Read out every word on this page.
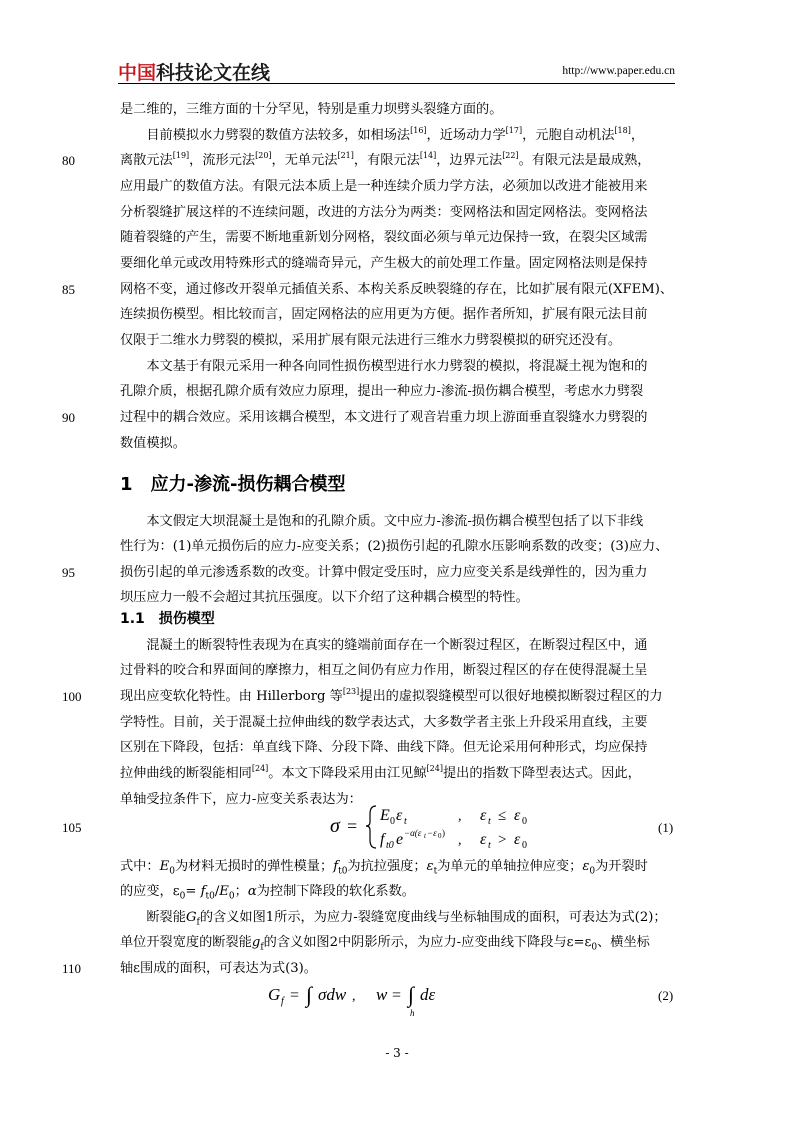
中国科技论文在线	http://www.paper.edu.cn
是二维的，三维方面的十分罕见，特别是重力坝劈头裂缝方面的。
　　目前模拟水力劈裂的数值方法较多，如相场法[16]，近场动力学[17]，元胞自动机法[18]，
离散元法[19]，流形元法[20]，无单元法[21]，有限元法[14]，边界元法[22]。有限元法是最成熟，
应用最广的数值方法。有限元法本质上是一种连续介质力学方法，必须加以改进才能被用来
分析裂缝扩展这样的不连续问题，改进的方法分为两类：变网格法和固定网格法。变网格法
随着裂缝的产生，需要不断地重新划分网格，裂纹面必须与单元边保持一致，在裂尖区域需
要细化单元或改用特殊形式的缝端奇异元，产生极大的前处理工作量。固定网格法则是保持
网格不变，通过修改开裂单元插值关系、本构关系反映裂缝的存在，比如扩展有限元(XFEM)、
连续损伤模型。相比较而言，固定网格法的应用更为方便。据作者所知，扩展有限元法目前
仅限于二维水力劈裂的模拟，采用扩展有限元法进行三维水力劈裂模拟的研究还没有。
　　本文基于有限元采用一种各向同性损伤模型进行水力劈裂的模拟，将混凝土视为饱和的
孔隙介质，根据孔隙介质有效应力原理，提出一种应力-渗流-损伤耦合模型，考虑水力劈裂
过程中的耦合效应。采用该耦合模型，本文进行了观音岩重力坝上游面垂直裂缝水力劈裂的
数值模拟。
1　应力-渗流-损伤耦合模型
　　本文假定大坝混凝土是饱和的孔隙介质。文中应力-渗流-损伤耦合模型包括了以下非线
性行为：(1)单元损伤后的应力-应变关系；(2)损伤引起的孔隙水压影响系数的改变；(3)应力、
损伤引起的单元渗透系数的改变。计算中假定受压时，应力应变关系是线弹性的，因为重力
坝压应力一般不会超过其抗压强度。以下介绍了这种耦合模型的特性。
1.1　损伤模型
　　混凝土的断裂特性表现为在真实的缝端前面存在一个断裂过程区，在断裂过程区中，通
过骨料的咬合和界面间的摩擦力，相互之间仍有应力作用，断裂过程区的存在使得混凝土呈
现出应变软化特性。由 Hillerborg 等[23]提出的虚拟裂缝模型可以很好地模拟断裂过程区的力
学特性。目前，关于混凝土拉伸曲线的数学表达式，大多数学者主张上升段采用直线，主要
区别在下降段，包括：单直线下降、分段下降、曲线下降。但无论采用何种形式，均应保持
拉伸曲线的断裂能相同[24]。本文下降段采用由江见鲸[24]提出的指数下降型表达式。因此，
单轴受拉条件下，应力-应变关系表达为：
σ =
E 0 ε t	, ε t ≤ ε 0
f t0 e −α(ε t −ε 0 ) , ε t > ε 0
(1)
式中：$E_0$为材料无损时的弹性模量；$f_{t0}$为抗拉强度；$\varepsilon_t$为单元的单轴拉伸应变；$\varepsilon_0$为开裂时
的应变，$\varepsilon_0= f_{t0}/E_0$；α为控制下降段的软化系数。
　　断裂能$G_f$的含义如图1所示，为应力-裂缝宽度曲线与坐标轴围成的面积，可表达为式(2)；
单位开裂宽度的断裂能$g_f$的含义如图2中阴影所示，为应力-应变曲线下降段与$\varepsilon=\varepsilon_0$、横坐标
轴ε围成的面积，可表达为式(3)。
G f = ∫ σdw , w = ∫
h
dε	(2)
80
85
90
95
100
105
110
- 3 -
